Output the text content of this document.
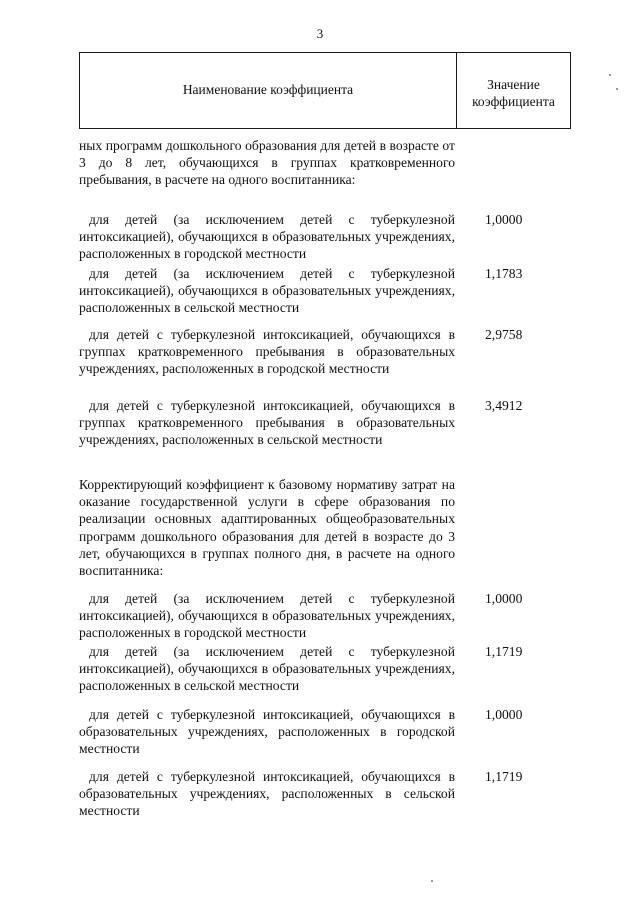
3
Наименование коэффициента	Значение
коэффициента
ных программ дошкольного образования для детей в возрасте от 3 до 8 лет, обучающихся в группах кратковременного пребывания, в расчете на одного воспитанника:
для детей (за исключением детей с туберкулезной интоксикацией), обучающихся в образовательных учреждениях, расположенных в городской местности
1,0000
для детей (за исключением детей с туберкулезной интоксикацией), обучающихся в образовательных учреждениях, расположенных в сельской местности
1,1783
для детей с туберкулезной интоксикацией, обучающихся в группах кратковременного пребывания в образовательных учреждениях, расположенных в городской местности
2,9758
для детей с туберкулезной интоксикацией, обучающихся в группах кратковременного пребывания в образовательных учреждениях, расположенных в сельской местности
3,4912
Корректирующий коэффициент к базовому нормативу затрат на оказание государственной услуги в сфере образования по реализации основных адаптированных общеобразовательных программ дошкольного образования для детей в возрасте до 3 лет, обучающихся в группах полного дня, в расчете на одного воспитанника:
для детей (за исключением детей с туберкулезной интоксикацией), обучающихся в образовательных учреждениях, расположенных в городской местности
1,0000
для детей (за исключением детей с туберкулезной интоксикацией), обучающихся в образовательных учреждениях, расположенных в сельской местности
1,1719
для детей с туберкулезной интоксикацией, обучающихся в образовательных учреждениях, расположенных в городской местности
1,0000
для детей с туберкулезной интоксикацией, обучающихся в образовательных учреждениях, расположенных в сельской местности
1,1719
